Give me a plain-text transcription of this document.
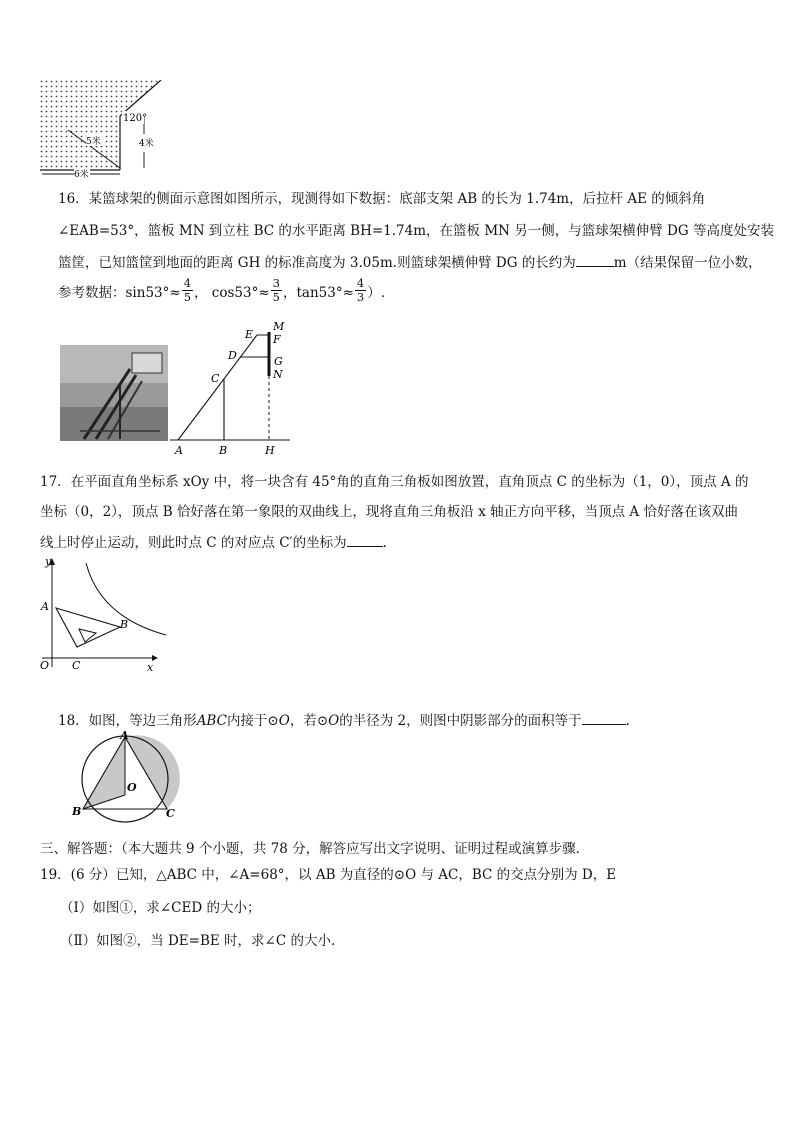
120°
5米	4米
6米
16．某篮球架的侧面示意图如图所示，现测得如下数据：底部支架 AB 的长为 1.74m，后拉杆 AE 的倾斜角
∠EAB=53°，篮板 MN 到立柱 BC 的水平距离 BH=1.74m，在篮板 MN 另一侧，与篮球架横伸臂 DG 等高度处安装
篮筐，已知篮筐到地面的距离 GH 的标准高度为 3.05m.则篮球架横伸臂 DG 的长约为	m（结果保留一位小数，
参考数据：$\sin 53^\circ\approx \frac{4}{5}$ ， $\cos 53^\circ\approx \frac{3}{5}$ ，$\tan 53^\circ\approx \frac{4}{3}$ ）.
E
M
F
D	G
N
C
A	B	H
17．在平面直角坐标系 xOy 中，将一块含有 45°角的直角三角板如图放置，直角顶点 C 的坐标为（1，0），顶点 A 的
坐标（0，2），顶点 B 恰好落在第一象限的双曲线上，现将直角三角板沿 x 轴正方向平移，当顶点 A 恰好落在该双曲
线上时停止运动，则此时点 C 的对应点 C′的坐标为	.
y
A
B
O C	x
18．如图，等边三角形ABC内接于⊙O，若⊙O的半径为 2，则图中阴影部分的面积等于	.
A
B	C
O
三、解答题：（本大题共 9 个小题，共 78 分，解答应写出文字说明、证明过程或演算步骤．
19．(6 分）已知，△ABC 中，∠A=68°，以 AB 为直径的⊙O 与 AC，BC 的交点分别为 D，E
（Ⅰ）如图①，求∠CED 的大小；
（Ⅱ）如图②，当 DE=BE 时，求∠C 的大小.
